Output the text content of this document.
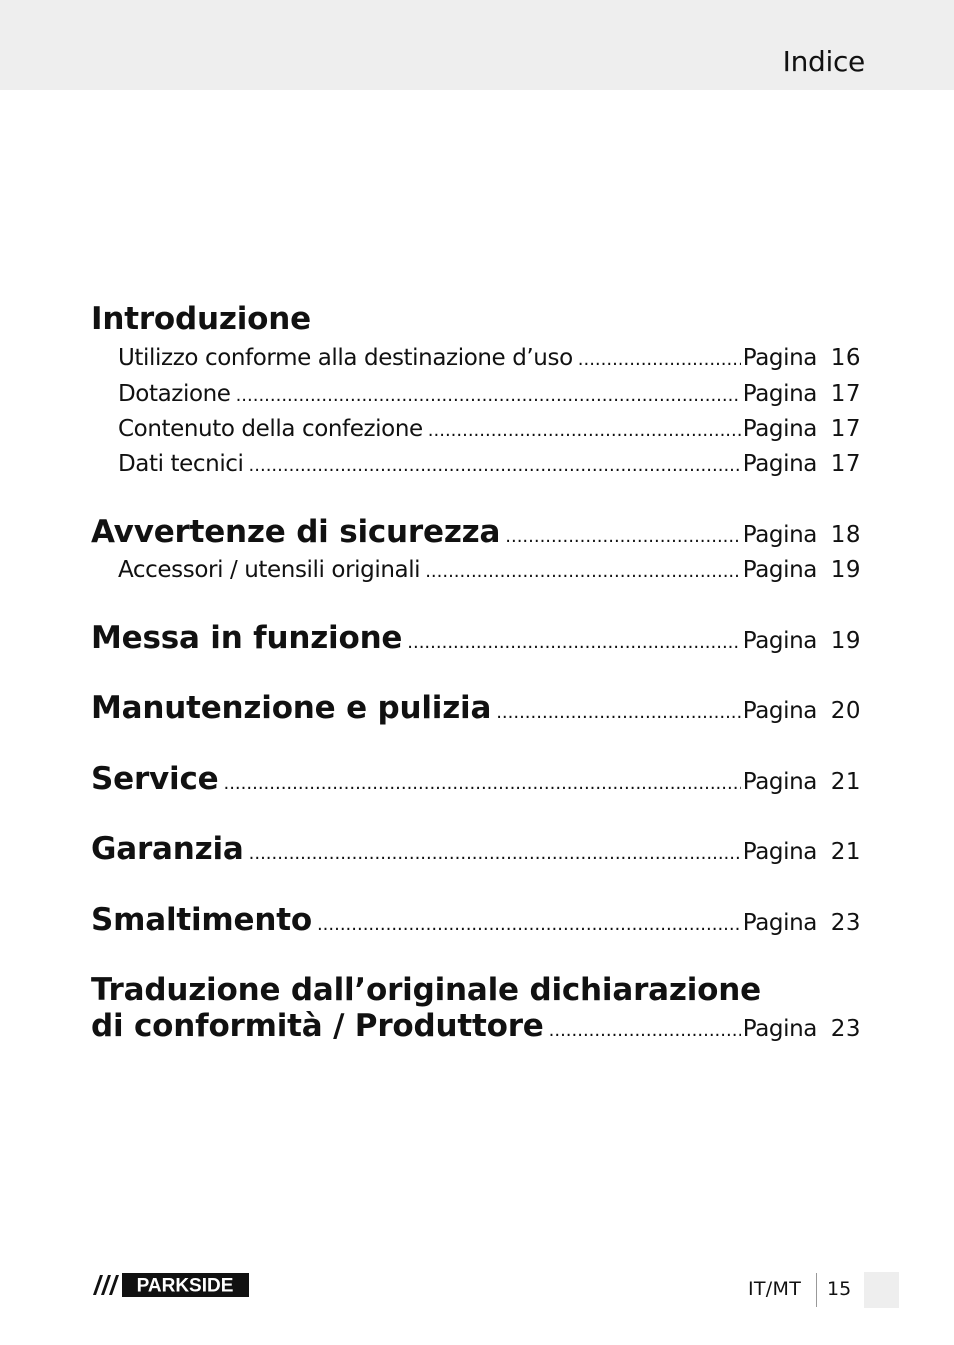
Indice
Introduzione
Utilizzo conforme alla destinazione d’uso .....	Pagina 16
Dotazione .....	Pagina 17
Contenuto della confezione .....	Pagina 17
Dati tecnici .....	Pagina 17
Avvertenze di sicurezza .....	Pagina 18
Accessori / utensili originali .....	Pagina 19
Messa in funzione .....	Pagina 19
Manutenzione e pulizia .....	Pagina 20
Service .....	Pagina 21
Garanzia .....	Pagina 21
Smaltimento .....	Pagina 23
Traduzione dall’originale dichiarazione
di conformità / Produttore .....	Pagina 23
PARKSIDE	IT/MT 15
